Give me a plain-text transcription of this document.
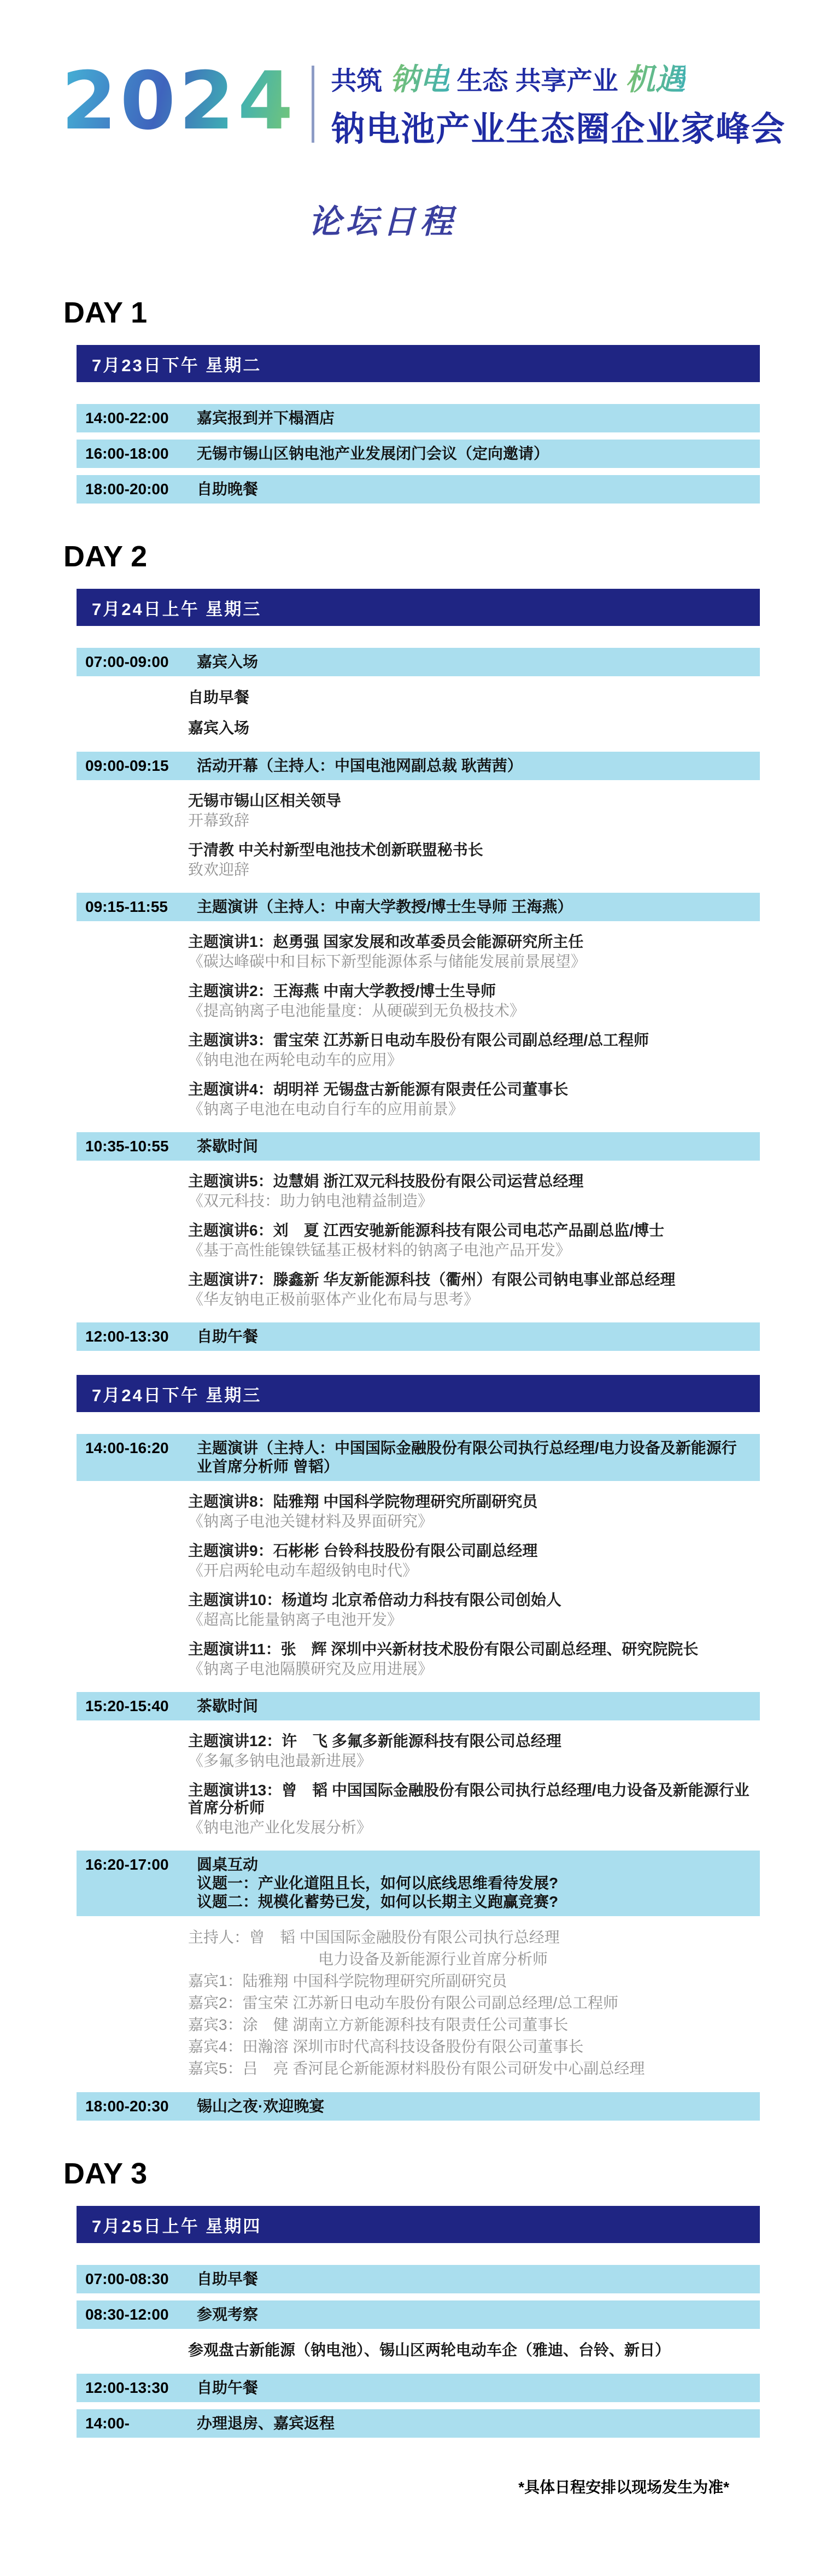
2024 共筑 钠电 生态 共享产业 机遇
钠电池产业生态圈企业家峰会
论坛日程
DAY 1
7月23日下午 星期二
14:00-22:00	嘉宾报到并下榻酒店
16:00-18:00	无锡市锡山区钠电池产业发展闭门会议（定向邀请）
18:00-20:00	自助晚餐
DAY 2
7月24日上午 星期三
07:00-09:00	嘉宾入场
自助早餐
嘉宾入场
09:00-09:15	活动开幕（主持人：中国电池网副总裁 耿茜茜）
无锡市锡山区相关领导
开幕致辞
于清教 中关村新型电池技术创新联盟秘书长
致欢迎辞
09:15-11:55	主题演讲（主持人：中南大学教授/博士生导师 王海燕）
主题演讲1：赵勇强 国家发展和改革委员会能源研究所主任
《碳达峰碳中和目标下新型能源体系与储能发展前景展望》
主题演讲2：王海燕 中南大学教授/博士生导师
《提高钠离子电池能量度：从硬碳到无负极技术》
主题演讲3：雷宝荣 江苏新日电动车股份有限公司副总经理/总工程师
《钠电池在两轮电动车的应用》
主题演讲4：胡明祥 无锡盘古新能源有限责任公司董事长
《钠离子电池在电动自行车的应用前景》
10:35-10:55	茶歇时间
主题演讲5：边慧娟 浙江双元科技股份有限公司运营总经理
《双元科技：助力钠电池精益制造》
主题演讲6：刘　夏 江西安驰新能源科技有限公司电芯产品副总监/博士
《基于高性能镍铁锰基正极材料的钠离子电池产品开发》
主题演讲7：滕鑫新 华友新能源科技（衢州）有限公司钠电事业部总经理
《华友钠电正极前驱体产业化布局与思考》
12:00-13:30	自助午餐
7月24日下午 星期三
14:00-16:20	主题演讲（主持人：中国国际金融股份有限公司执行总经理/电力设备及新能源行业首席分析师 曾韬）
主题演讲8：陆雅翔 中国科学院物理研究所副研究员
《钠离子电池关键材料及界面研究》
主题演讲9：石彬彬 台铃科技股份有限公司副总经理
《开启两轮电动车超级钠电时代》
主题演讲10：杨道均 北京希倍动力科技有限公司创始人
《超高比能量钠离子电池开发》
主题演讲11：张　辉 深圳中兴新材技术股份有限公司副总经理、研究院院长
《钠离子电池隔膜研究及应用进展》
15:20-15:40	茶歇时间
主题演讲12：许　飞 多氟多新能源科技有限公司总经理
《多氟多钠电池最新进展》
主题演讲13：曾　韬 中国国际金融股份有限公司执行总经理/电力设备及新能源行业首席分析师
《钠电池产业化发展分析》
16:20-17:00	圆桌互动
议题一：产业化道阻且长，如何以底线思维看待发展?
议题二：规模化蓄势已发，如何以长期主义跑赢竞赛?
主持人：曾　韬 中国国际金融股份有限公司执行总经理
电力设备及新能源行业首席分析师
嘉宾1：陆雅翔 中国科学院物理研究所副研究员
嘉宾2：雷宝荣 江苏新日电动车股份有限公司副总经理/总工程师
嘉宾3：涂　健 湖南立方新能源科技有限责任公司董事长
嘉宾4：田瀚溶 深圳市时代高科技设备股份有限公司董事长
嘉宾5：吕　亮 香河昆仑新能源材料股份有限公司研发中心副总经理
18:00-20:30	锡山之夜·欢迎晚宴
DAY 3
7月25日上午 星期四
07:00-08:30	自助早餐
08:30-12:00	参观考察
参观盘古新能源（钠电池）、锡山区两轮电动车企（雅迪、台铃、新日）
12:00-13:30	自助午餐
14:00-	办理退房、嘉宾返程
*具体日程安排以现场发生为准*
